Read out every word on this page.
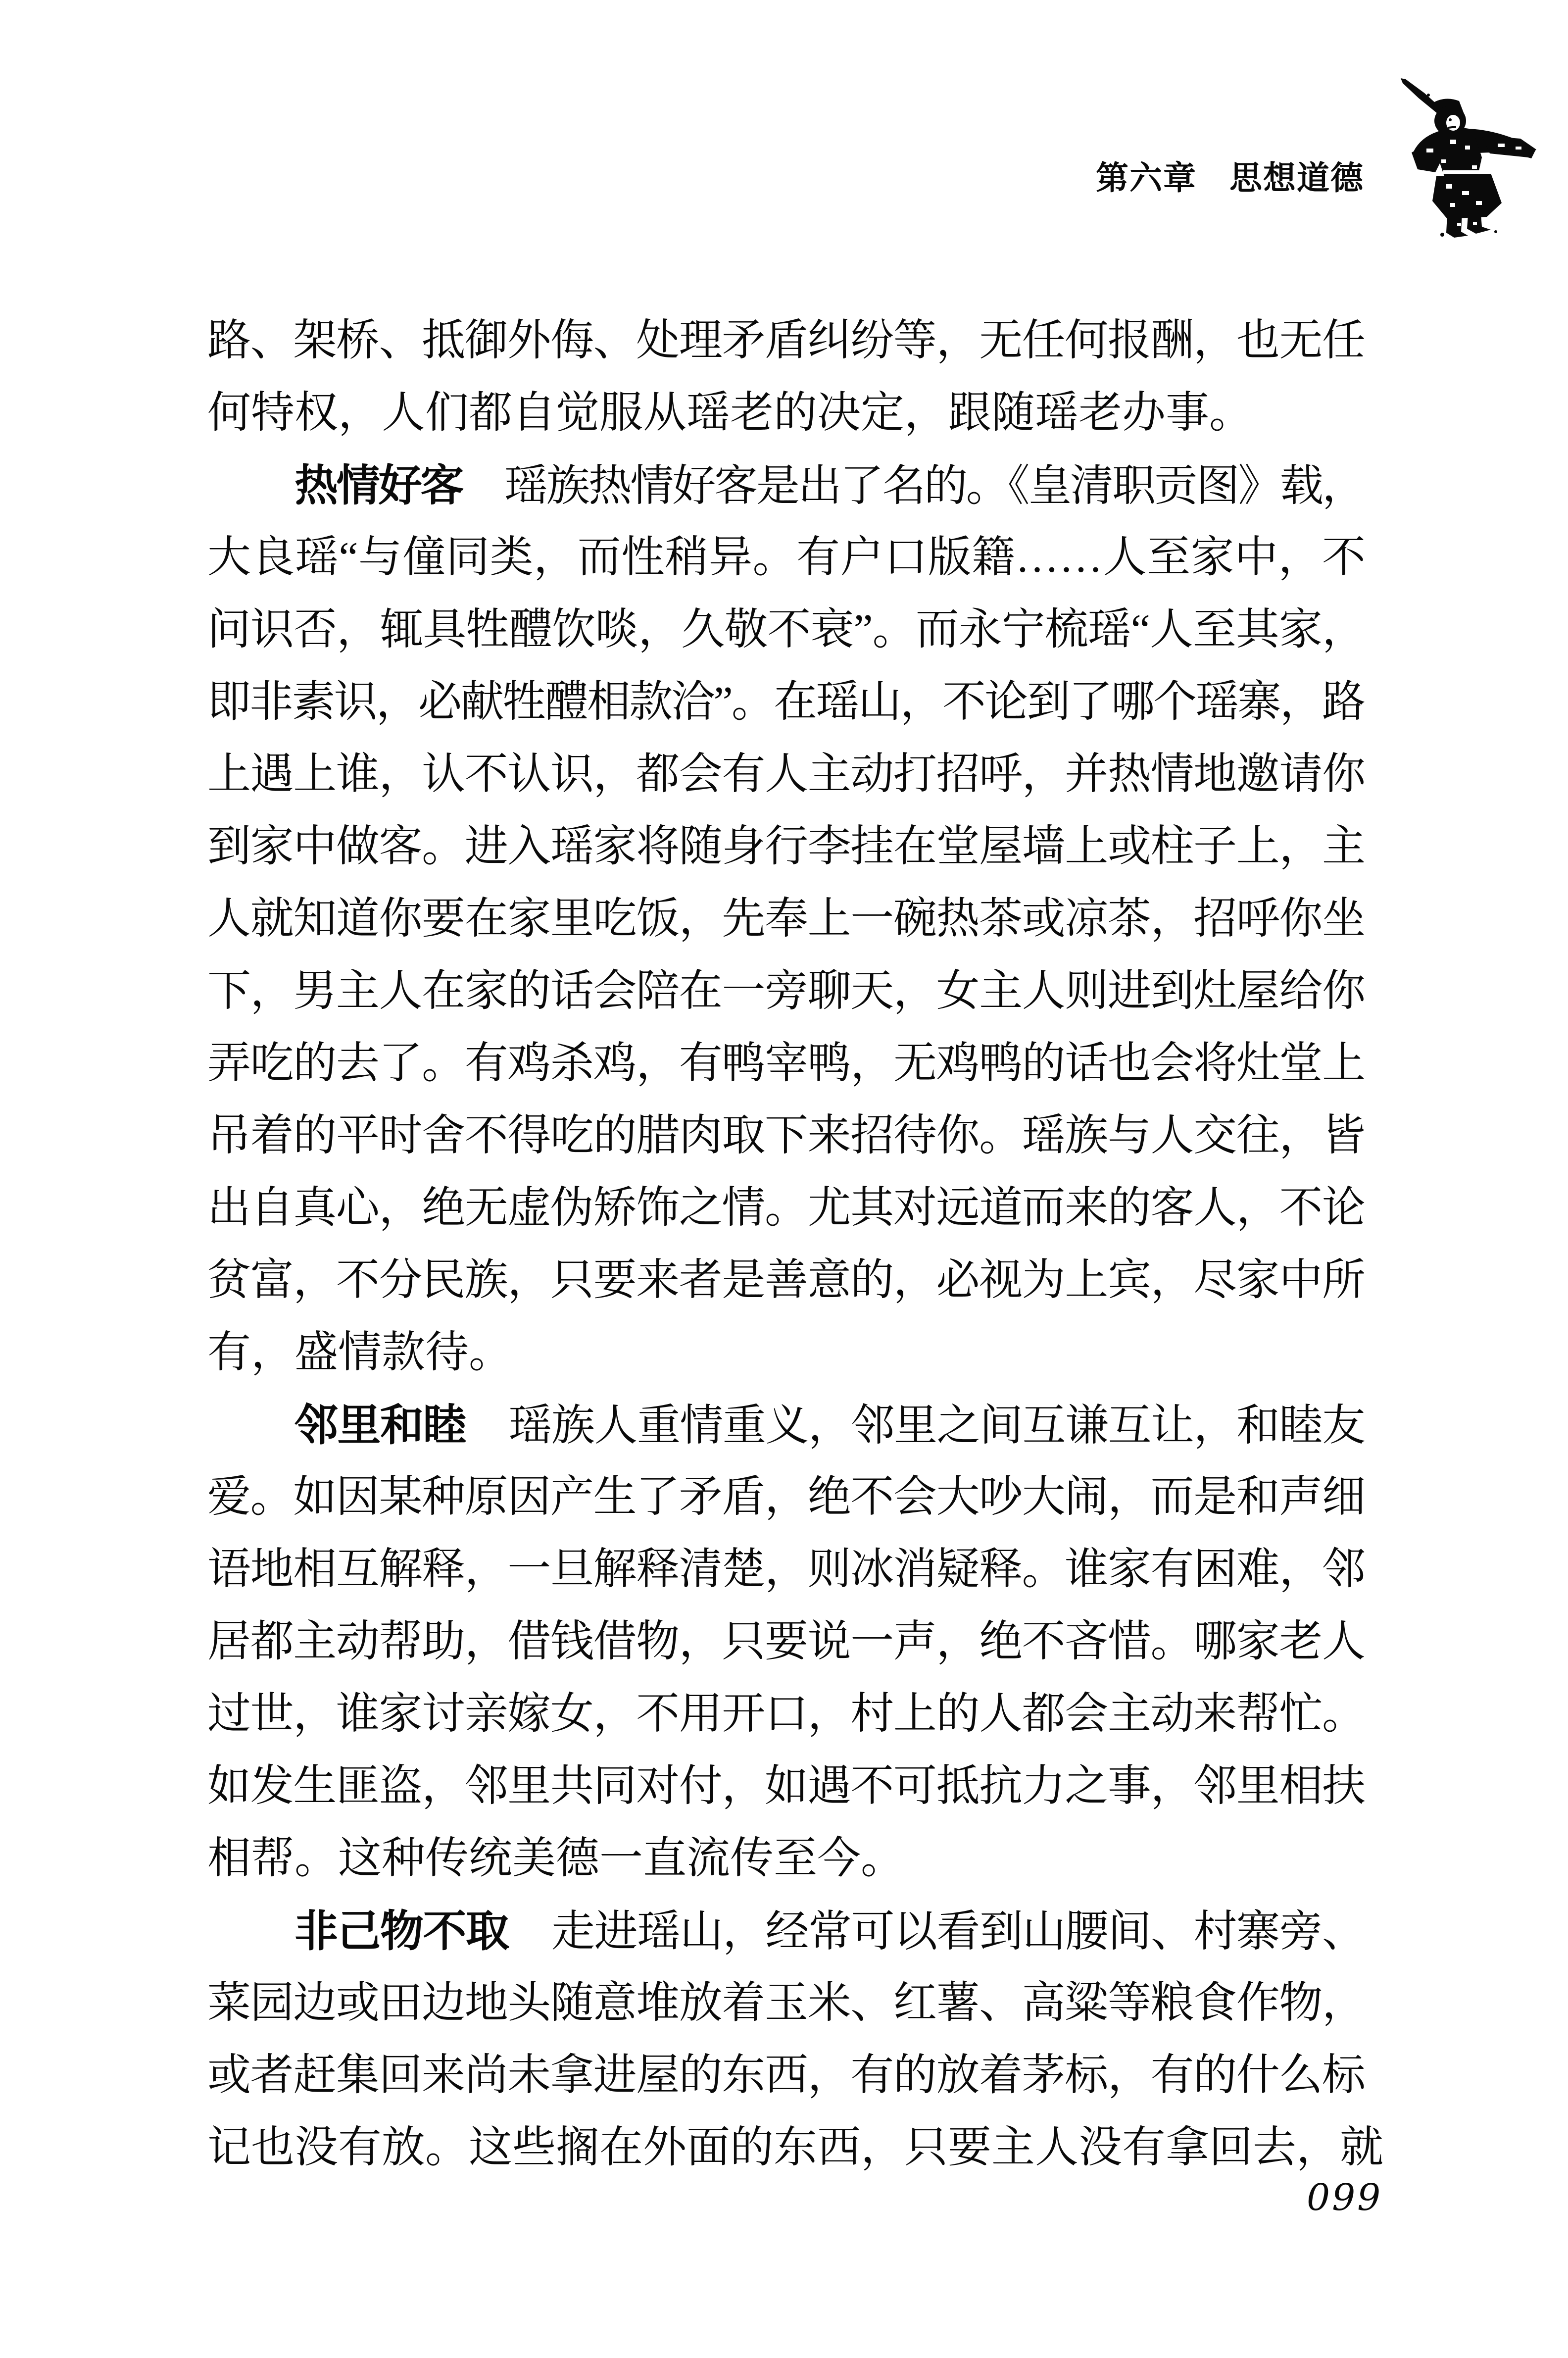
第六章 思想道德
路、架桥、抵御外侮、处理矛盾纠纷等，无任何报酬，也无任
何特权，人们都自觉服从瑶老的决定，跟随瑶老办事。
热情好客　瑶族热情好客是出了名的。《皇清职贡图》载，
大良瑶“与僮同类，而性稍异。有户口版籍……人至家中，不
问识否，辄具牲醴饮啖，久敬不衰”。而永宁梳瑶“人至其家，
即非素识，必献牲醴相款洽”。在瑶山，不论到了哪个瑶寨，路
上遇上谁，认不认识，都会有人主动打招呼，并热情地邀请你
到家中做客。进入瑶家将随身行李挂在堂屋墙上或柱子上，主
人就知道你要在家里吃饭，先奉上一碗热茶或凉茶，招呼你坐
下，男主人在家的话会陪在一旁聊天，女主人则进到灶屋给你
弄吃的去了。有鸡杀鸡，有鸭宰鸭，无鸡鸭的话也会将灶堂上
吊着的平时舍不得吃的腊肉取下来招待你。瑶族与人交往，皆
出自真心，绝无虚伪矫饰之情。尤其对远道而来的客人，不论
贫富，不分民族，只要来者是善意的，必视为上宾，尽家中所
有，盛情款待。
邻里和睦　瑶族人重情重义，邻里之间互谦互让，和睦友
爱。如因某种原因产生了矛盾，绝不会大吵大闹，而是和声细
语地相互解释，一旦解释清楚，则冰消疑释。谁家有困难，邻
居都主动帮助，借钱借物，只要说一声，绝不吝惜。哪家老人
过世，谁家讨亲嫁女，不用开口，村上的人都会主动来帮忙。
如发生匪盗，邻里共同对付，如遇不可抵抗力之事，邻里相扶
相帮。这种传统美德一直流传至今。
非己物不取　走进瑶山，经常可以看到山腰间、村寨旁、
菜园边或田边地头随意堆放着玉米、红薯、高粱等粮食作物，
或者赶集回来尚未拿进屋的东西，有的放着茅标，有的什么标
记也没有放。这些搁在外面的东西，只要主人没有拿回去，就
099
